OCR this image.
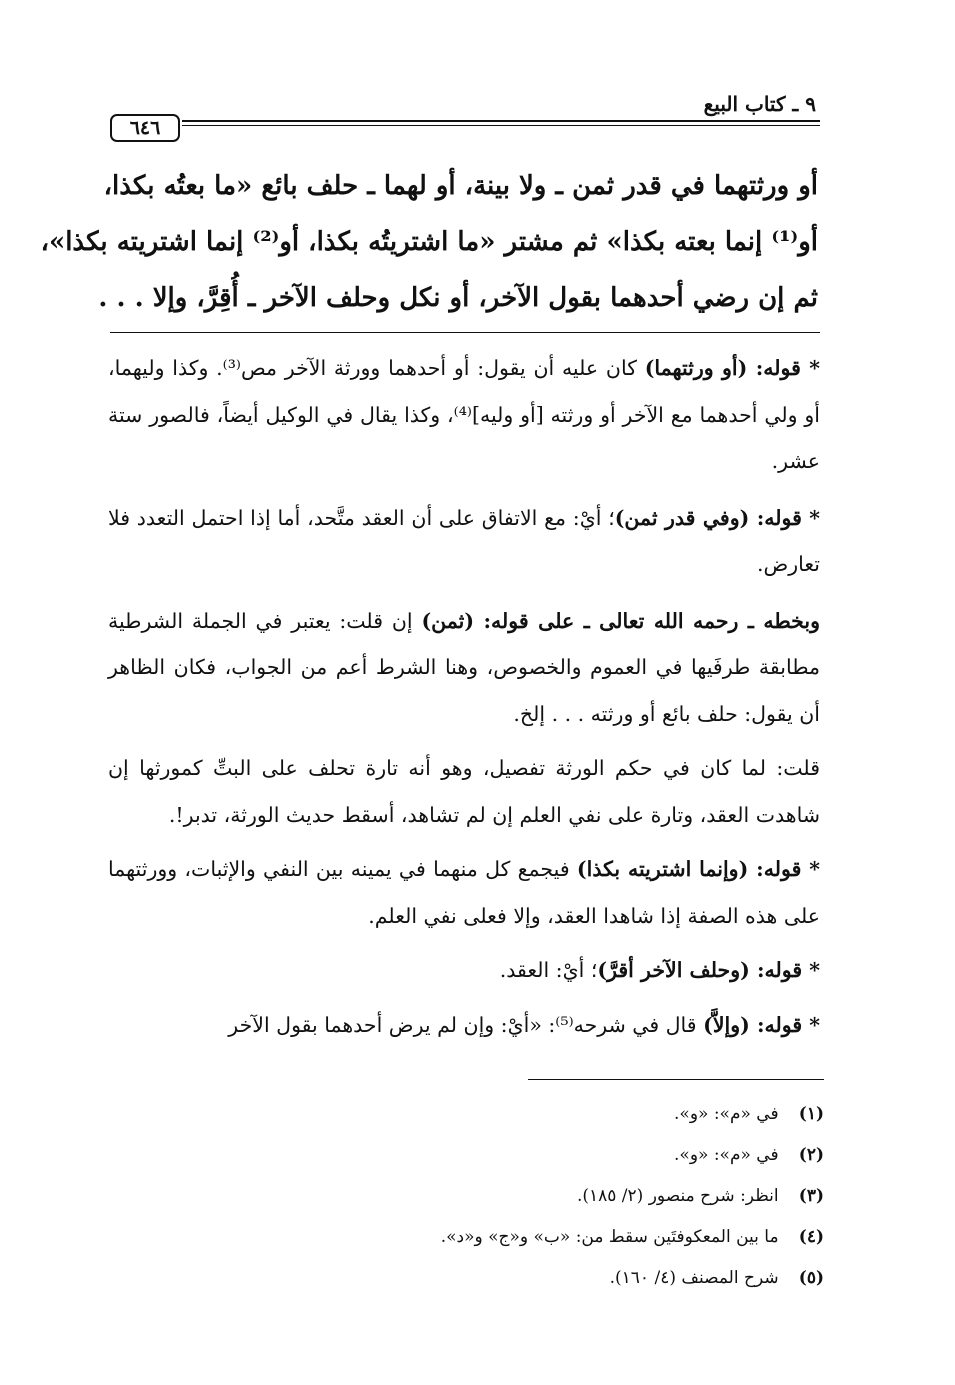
٦٤٦
٩ ـ كتاب البيع
أو ورثتهما في قدر ثمن ـ ولا بينة، أو لهما ـ حلف بائع «ما بعتُه بكذا،
أو⁽¹⁾ إنما بعته بكذا» ثم مشتر «ما اشتريتُه بكذا، أو⁽²⁾ إنما اشتريته بكذا»،
ثم إن رضي أحدهما بقول الآخر، أو نكل وحلف الآخر ـ أُقِرَّ، وإلا . . .

* قوله: (أو ورثتهما) كان عليه أن يقول: أو أحدهما وورثة الآخر مص⁽³⁾. وكذا وليهما، أو ولي أحدهما مع الآخر أو ورثته [أو وليه]⁽⁴⁾، وكذا يقال في الوكيل أيضاً، فالصور ستة عشر.

* قوله: (وفي قدر ثمن)؛ أيْ: مع الاتفاق على أن العقد متَّحد، أما إذا احتمل التعدد فلا تعارض.

وبخطه ـ رحمه الله تعالى ـ على قوله: (ثمن) إن قلت: يعتبر في الجملة الشرطية مطابقة طرفَيها في العموم والخصوص، وهنا الشرط أعم من الجواب، فكان الظاهر أن يقول: حلف بائع أو ورثته . . . إلخ.

قلت: لما كان في حكم الورثة تفصيل، وهو أنه تارة تحلف على البتِّ كمورثها إن شاهدت العقد، وتارة على نفي العلم إن لم تشاهد، أسقط حديث الورثة، تدبر!.

* قوله: (وإنما اشتريته بكذا) فيجمع كل منهما في يمينه بين النفي والإثبات، وورثتهما على هذه الصفة إذا شاهدا العقد، وإلا فعلى نفي العلم.

* قوله: (وحلف الآخر أقرَّ)؛ أيْ: العقد.

* قوله: (وإلاَّ) قال في شرحه⁽⁵⁾: «أيْ: وإن لم يرض أحدهما بقول الآخر

(١) في «م»: «و».
(٢) في «م»: «و».
(٣) انظر: شرح منصور (٢/ ١٨٥).
(٤) ما بين المعكوفتَين سقط من: «ب» و«ج» و«د».
(٥) شرح المصنف (٤/ ١٦٠).
